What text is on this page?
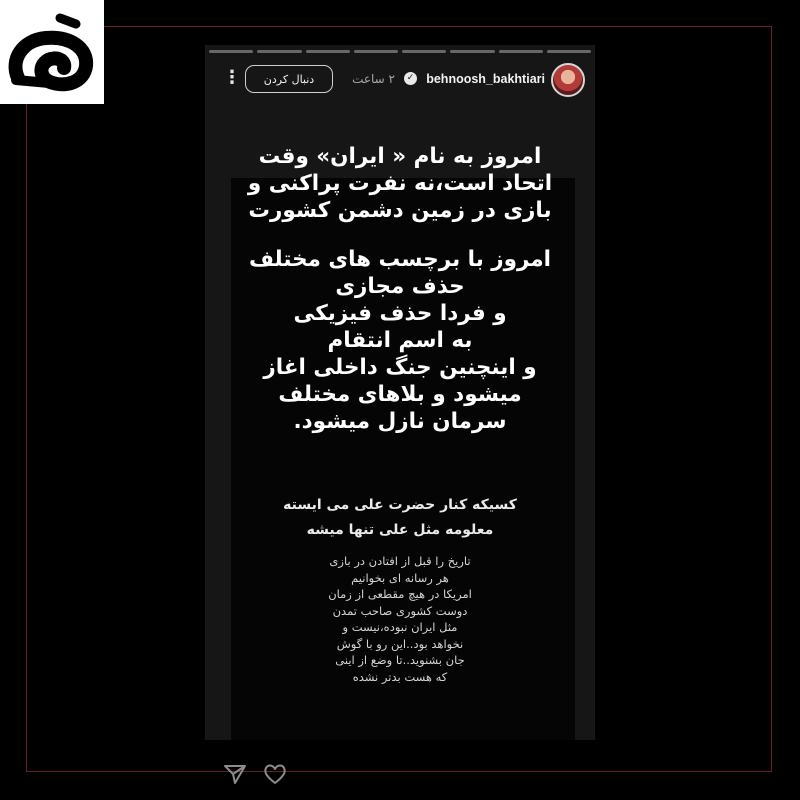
behnoosh_bakhtiari
✓
۲ ساعت
دنبال کردن
⋮
امروز به نام « ایران» وقت
اتحاد است،نه نفرت پراکنی و
بازی در زمین دشمن کشورت
امروز با برچسب های مختلف
حذف مجازی
و فردا حذف فیزیکی
به اسم انتقام
و اینچنین جنگ داخلی اغاز
میشود و بلاهای مختلف
سرمان نازل میشود.
کسیکه کنار حضرت علی می ایسته
معلومه مثل علی تنها میشه
تاریخ را قبل از افتادن در بازی
هر رسانه ای بخوانیم
امریکا در هیچ مقطعی از زمان
دوست کشوری صاحب تمدن
مثل ایران نبوده،نیست و
نخواهد بود..این رو با گوش
جان بشنوید..تا وضع از اینی
که هست بدتر نشده
